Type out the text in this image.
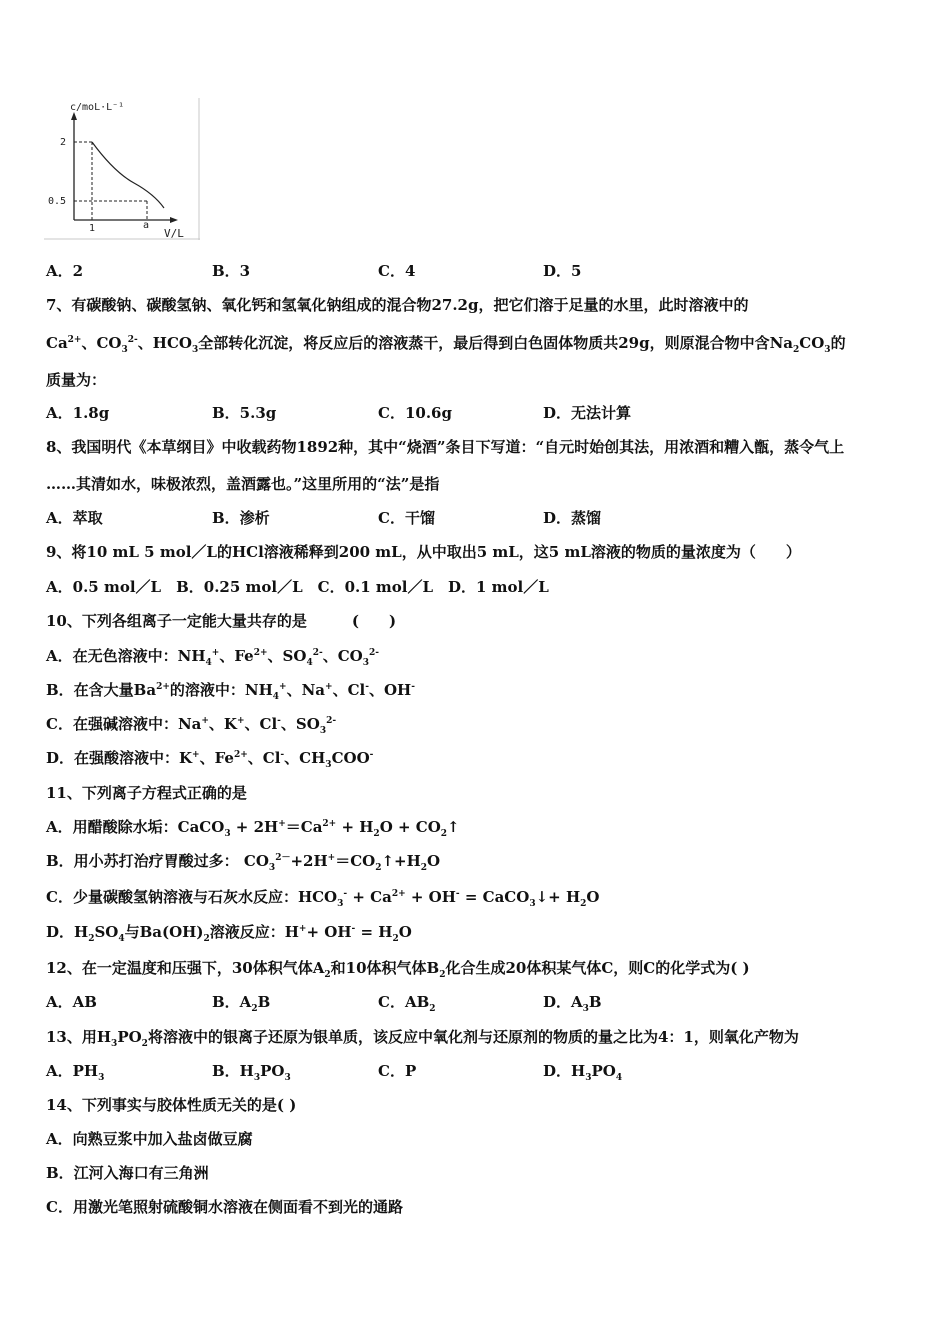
c/moL·L⁻¹
V/L
2
0.5
1	a
A．2	B．3	C．4	D．5
7、有碳酸钠、碳酸氢钠、氧化钙和氢氧化钠组成的混合物27.2g，把它们溶于足量的水里，此时溶液中的
$Ca^{2+}$、$CO_3^{2-}$、$HCO_3$全部转化沉淀，将反应后的溶液蒸干，最后得到白色固体物质共29g，则原混合物中含$Na_2CO_3$的
质量为：
A．1.8g	B．5.3g	C．10.6g	D．无法计算
8、我国明代《本草纲目》中收载药物1892种，其中“烧酒”条目下写道：“自元时始创其法，用浓酒和糟入甑，蒸令气上
……其清如水，味极浓烈，盖酒露也。”这里所用的“法”是指
A．萃取	B．渗析	C．干馏	D．蒸馏
9、将10 mL 5 mol／L的HCl溶液稀释到200 mL，从中取出5 mL，这5 mL溶液的物质的量浓度为（　　）
A．0.5 mol／L　B．0.25 mol／L　C．0.1 mol／L　D．1 mol／L
10、下列各组离子一定能大量共存的是　　　(　　)
A．在无色溶液中：$NH_4^+$、$Fe^{2+}$、$SO_4^{2-}$、$CO_3^{2-}$
B．在含大量$Ba^{2+}$的溶液中：$NH_4^+$、Na+、Cl-、OH-
C．在强碱溶液中：Na+、K+、Cl-、$SO_3^{2-}$
D．在强酸溶液中：K+、$Fe^{2+}$、Cl-、$CH_3COO^-$
11、下列离子方程式正确的是
A．用醋酸除水垢：CaCO$_3$ + $2H^+=Ca^{2+} + H_2O$ + $CO_2↑$
B．用小苏打治疗胃酸过多： $CO_3^{2-}+2H^+=CO_2↑+H_2O$
C．少量碳酸氢钠溶液与石灰水反应：$HCO_3^- + Ca^{2+} + OH^-$ = CaCO$_3$↓+ $H_2O$
D．$H_2SO_4$与$Ba(OH)_2$溶液反应：$H^++ OH^- = H_2O$
12、在一定温度和压强下，30体积气体$A_2$和10体积气体$B_2$化合生成20体积某气体C，则C的化学式为( )
A．AB	B．$A_2B$	C．$AB_2$	D．$A_3B$
13、用$H_3PO_2$将溶液中的银离子还原为银单质，该反应中氧化剂与还原剂的物质的量之比为4：1，则氧化产物为
A．$PH_3$	B．$H_3PO_3$	C．P	D．$H_3PO_4$
14、下列事实与胶体性质无关的是( )
A．向熟豆浆中加入盐卤做豆腐
B．江河入海口有三角洲
C．用激光笔照射硫酸铜水溶液在侧面看不到光的通路
